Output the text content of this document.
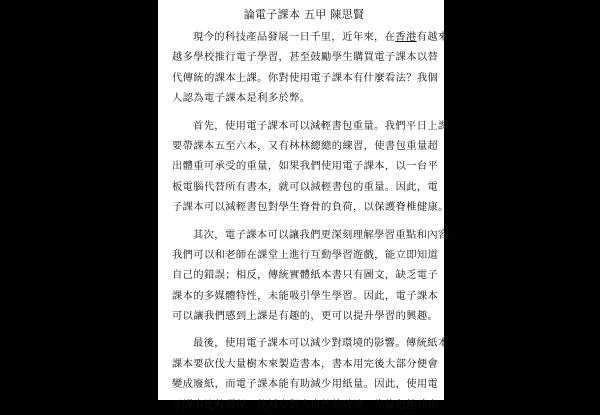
論電子課本 五甲 陳思賢
現今的科技產品發展一日千里，近年來，在香港有越來
越多學校推行電子學習，甚至鼓勵學生購買電子課本以替
代傳統的課本上課。你對使用電子課本有什麼看法？我個
人認為電子課本是利多於弊。
首先，使用電子課本可以減輕書包重量。我們平日上課
要帶課本五至六本，又有林林總總的練習，使書包重量超
出體重可承受的重量，如果我們使用電子課本，以一台平
板電腦代替所有書本，就可以減輕書包的重量。因此，電
子課本可以減輕書包對學生脊骨的負荷，以保護脊椎健康。
其次，電子課本可以讓我們更深刻理解學習重點和內容。
我們可以和老師在課堂上進行互動學習遊戲，能立即知道
自己的錯誤；相反，傳統實體紙本書只有圖文，缺乏電子
課本的多媒體特性，未能吸引學生學習。因此，電子課本
可以讓我們感到上課是有趣的，更可以提升學習的興趣。
最後，使用電子課本可以減少對環境的影響。傳統紙本
課本要砍伐大量樹木來製造書本，書本用完後大部分便會
變成廢紙，而電子課本能有助減少用紙量。因此，使用電
子課本比較環保，能減少對大自然的破壞，為綠色地球出
